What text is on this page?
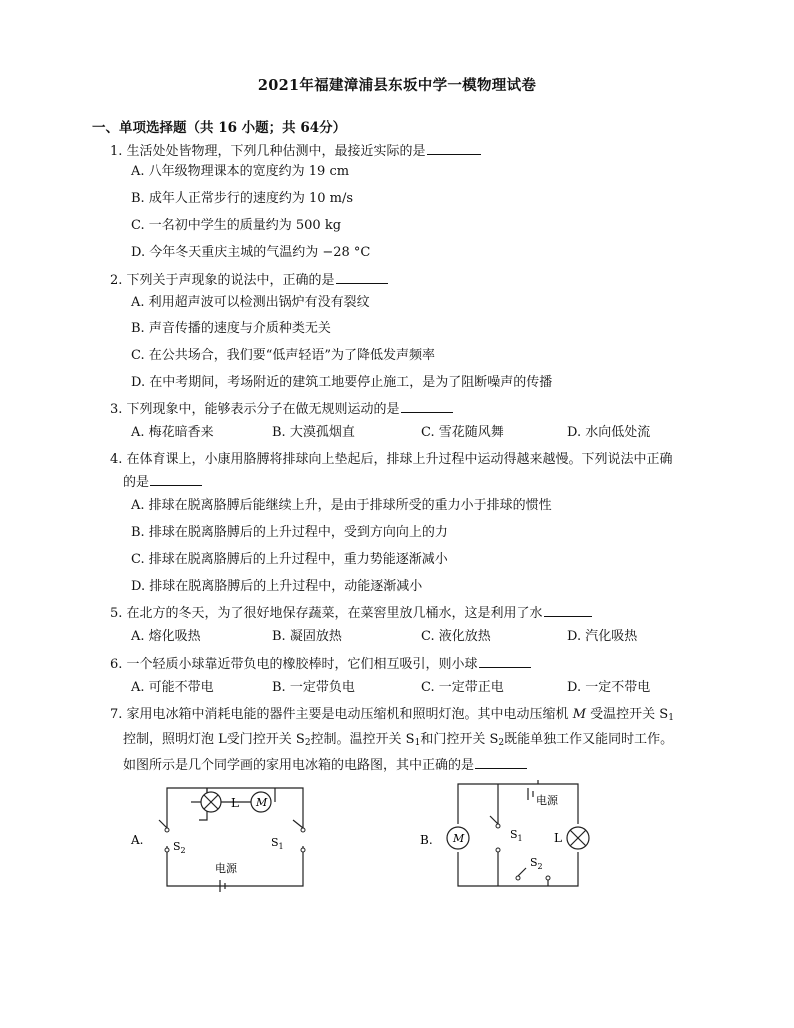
2021年福建漳浦县东坂中学一模物理试卷
一、单项选择题（共 16 小题；共 64分）
1. 生活处处皆物理，下列几种估测中，最接近实际的是
A. 八年级物理课本的宽度约为 19 cm
B. 成年人正常步行的速度约为 10 m/s
C. 一名初中学生的质量约为 500 kg
D. 今年冬天重庆主城的气温约为 −28 °C
2. 下列关于声现象的说法中，正确的是
A. 利用超声波可以检测出锅炉有没有裂纹
B. 声音传播的速度与介质种类无关
C. 在公共场合，我们要“低声轻语”为了降低发声频率
D. 在中考期间，考场附近的建筑工地要停止施工，是为了阻断噪声的传播
3. 下列现象中，能够表示分子在做无规则运动的是
A. 梅花暗香来	B. 大漠孤烟直	C. 雪花随风舞	D. 水向低处流
4. 在体育课上，小康用胳膊将排球向上垫起后，排球上升过程中运动得越来越慢。下列说法中正确
的是
A. 排球在脱离胳膊后能继续上升，是由于排球所受的重力小于排球的惯性
B. 排球在脱离胳膊后的上升过程中，受到方向向上的力
C. 排球在脱离胳膊后的上升过程中，重力势能逐渐减小
D. 排球在脱离胳膊后的上升过程中，动能逐渐减小
5. 在北方的冬天，为了很好地保存蔬菜，在菜窖里放几桶水，这是利用了水
A. 熔化吸热	B. 凝固放热	C. 液化放热	D. 汽化吸热
6. 一个轻质小球靠近带负电的橡胶棒时，它们相互吸引，则小球
A. 可能不带电	B. 一定带负电	C. 一定带正电	D. 一定不带电
7. 家用电冰箱中消耗电能的器件主要是电动压缩机和照明灯泡。其中电动压缩机 M 受温控开关 $S_1$
控制，照明灯泡 L受门控开关 $S_2$控制。温控开关 $S_1$和门控开关 $S_2$既能单独工作又能同时工作。
如图所示是几个同学画的家用电冰箱的电路图，其中正确的是
A.
L M
$S_2$
$S_1$
电源
B. M	$S_1$	L
$S_2$
电源
